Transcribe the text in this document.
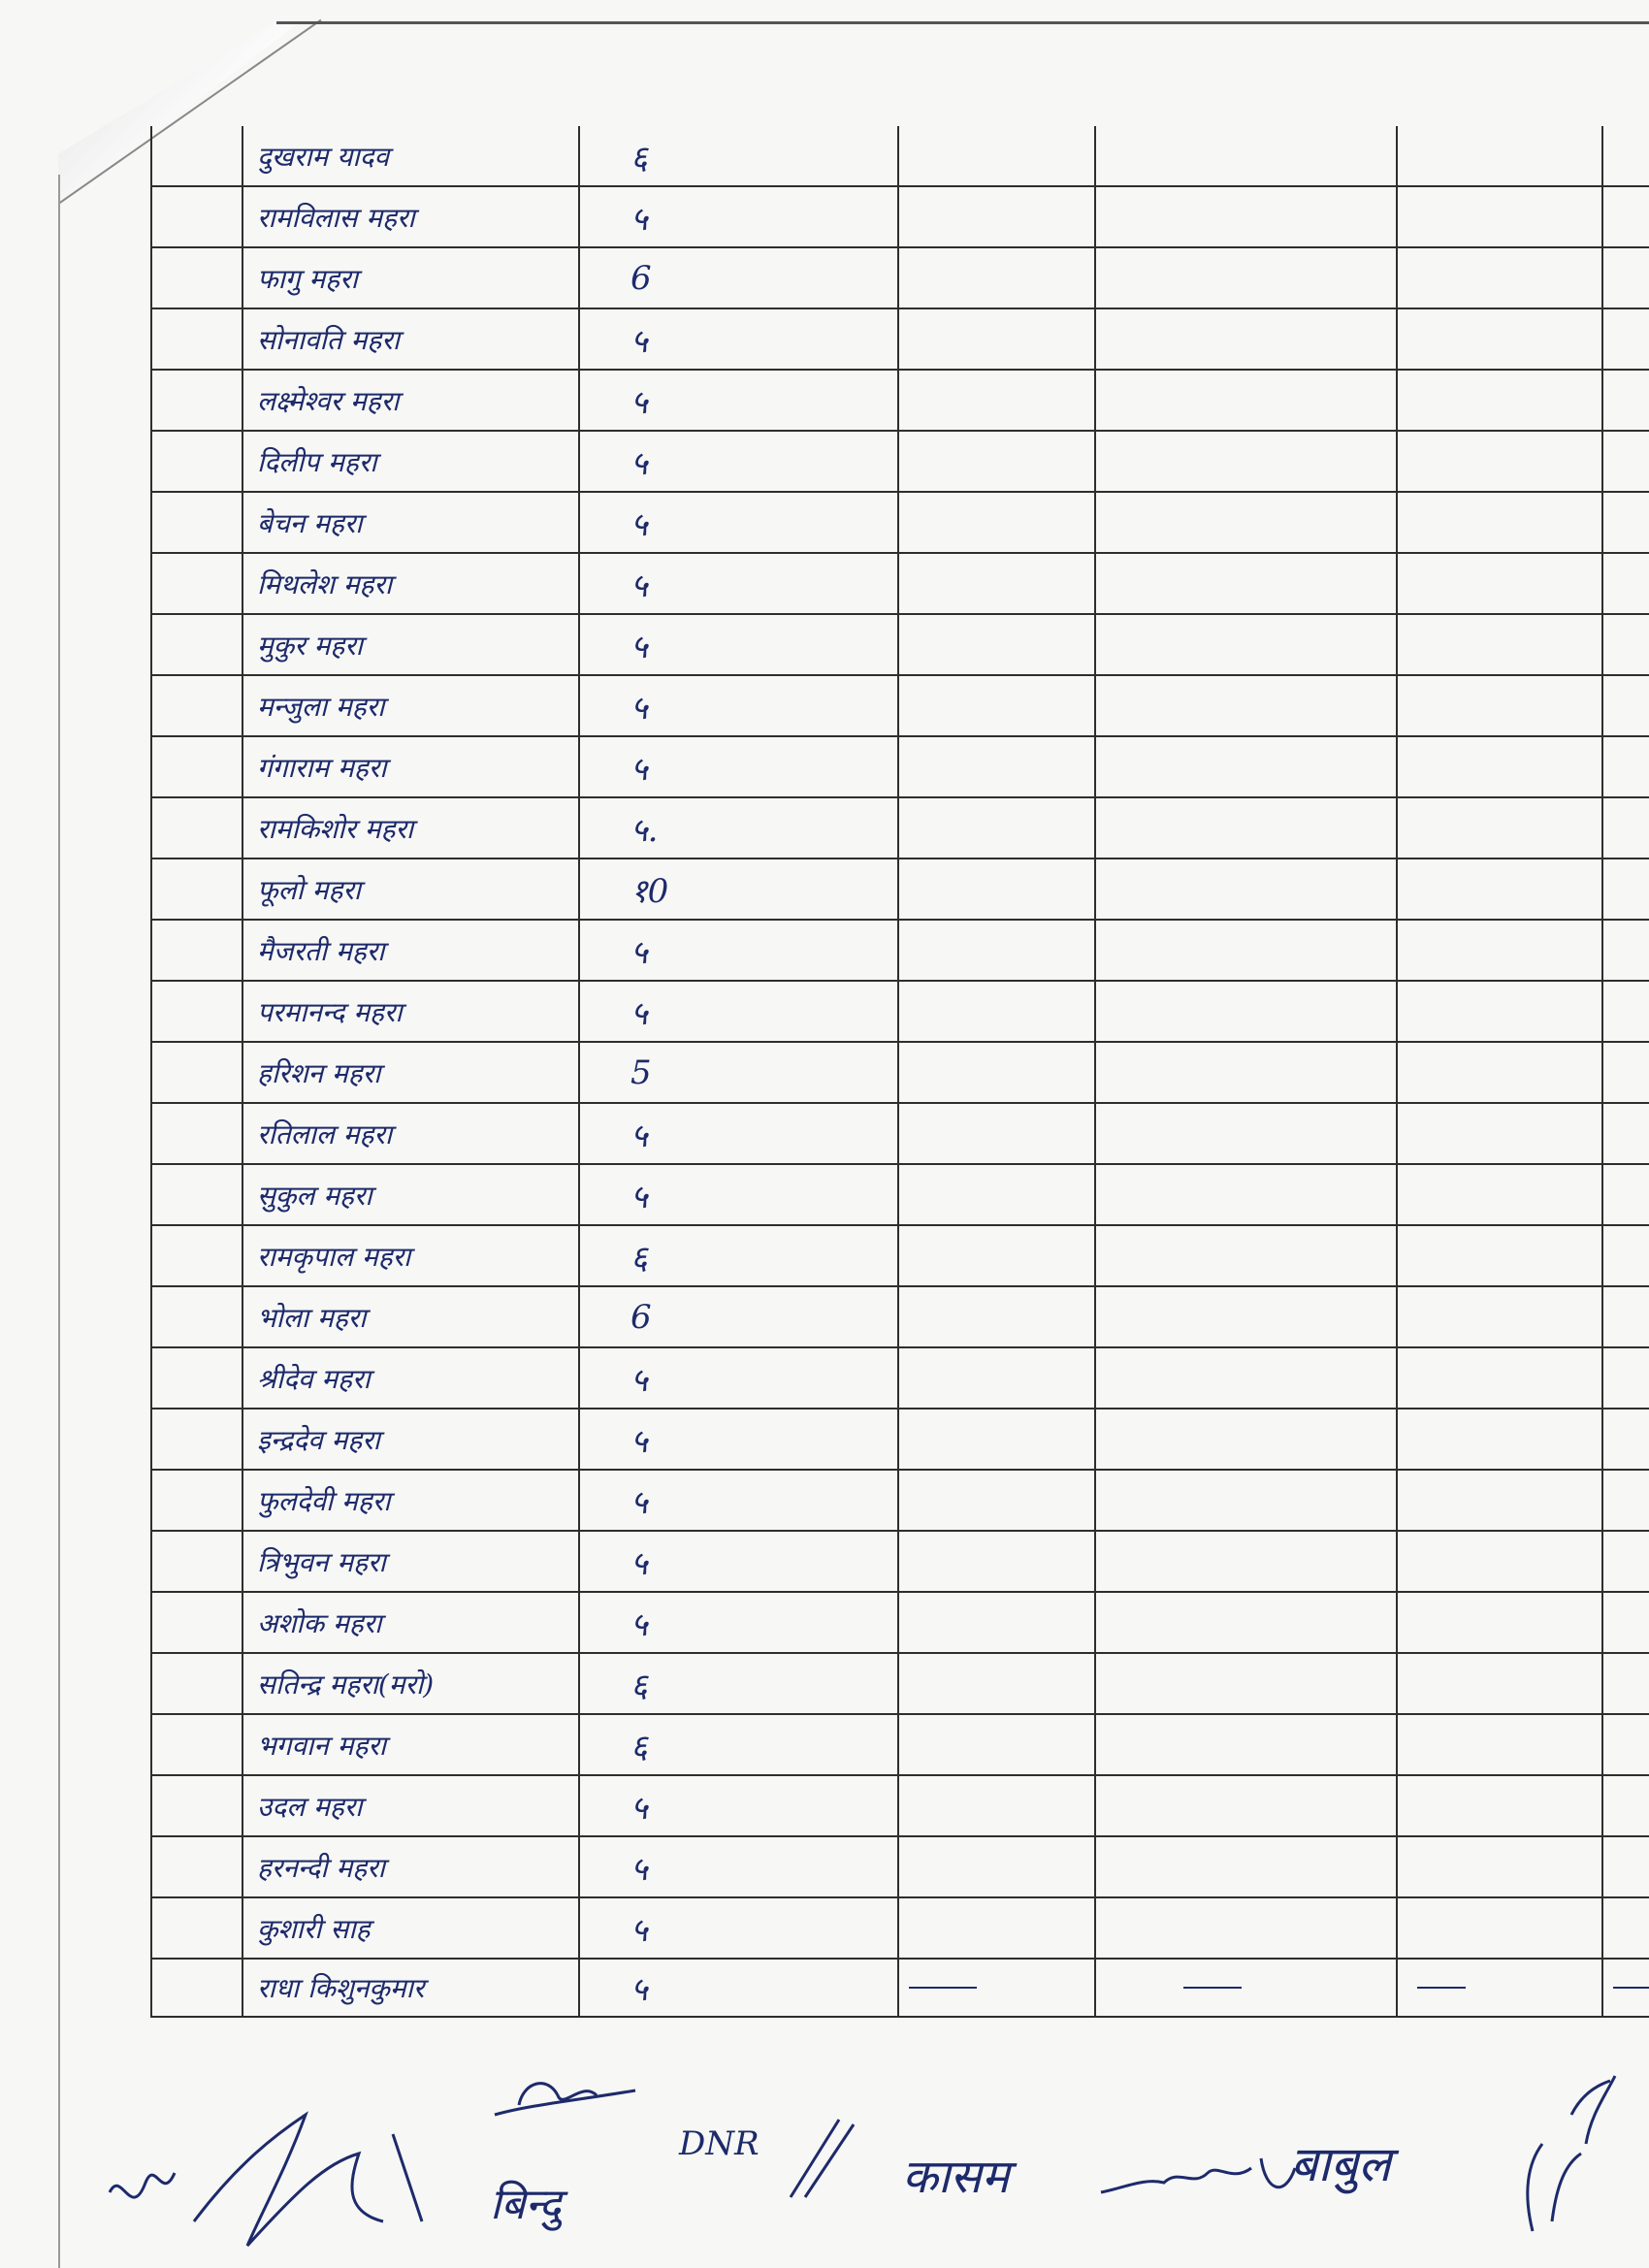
	दुखराम यादव	६				
	रामविलास महरा	५				
	फागु महरा	6				
	सोनावति महरा	५				
	लक्ष्मेश्वर महरा	५				
	दिलीप महरा	५				
	बेचन महरा	५				
	मिथलेश महरा	५				
	मुकुर महरा	५				
	मन्जुला महरा	५				
	गंगाराम महरा	५				
	रामकिशोर महरा	५.				
	फूलो महरा	१0				
	मैजरती महरा	५				
	परमानन्द महरा	५				
	हरिशन महरा	5				
	रतिलाल महरा	५				
	सुकुल महरा	५				
	रामकृपाल महरा	६				
	भोला महरा	6				
	श्रीदेव महरा	५				
	इन्द्रदेव महरा	५				
	फुलदेवी महरा	५				
	त्रिभुवन महरा	५				
	अशोक महरा	५				
	सतिन्द्र महरा(मरो)	६				
	भगवान महरा	६				
	उदल महरा	५				
	हरनन्दी महरा	५				
	कुशारी साह	५				
	राधा किशुनकुमार	५	

बिन्दु
DNR
कासम	बाबुल
